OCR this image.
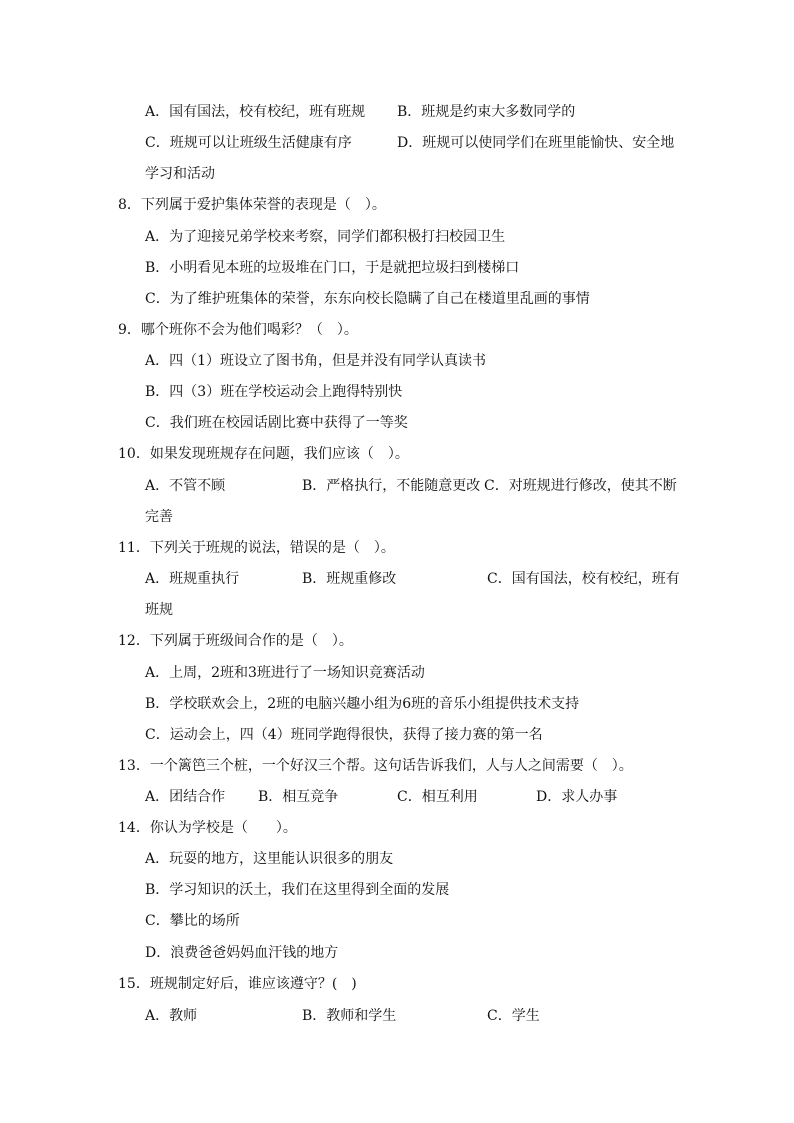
A．国有国法，校有校纪，班有班规 B．班规是约束大多数同学的
C．班规可以让班级生活健康有序	D．班规可以使同学们在班里能愉快、安全地
学习和活动
8．下列属于爱护集体荣誉的表现是（　）。
A．为了迎接兄弟学校来考察，同学们都积极打扫校园卫生
B．小明看见本班的垃圾堆在门口，于是就把垃圾扫到楼梯口
C．为了维护班集体的荣誉，东东向校长隐瞒了自己在楼道里乱画的事情
9．哪个班你不会为他们喝彩？（　）。
A．四（1）班设立了图书角，但是并没有同学认真读书
B．四（3）班在学校运动会上跑得特别快
C．我们班在校园话剧比赛中获得了一等奖
10．如果发现班规存在问题，我们应该（　）。
A．不管不顾	B．严格执行，不能随意更改 C．对班规进行修改，使其不断
完善
11．下列关于班规的说法，错误的是（　）。
A．班规重执行	B．班规重修改	C．国有国法，校有校纪，班有
班规
12．下列属于班级间合作的是（　）。
A．上周，2班和3班进行了一场知识竞赛活动
B．学校联欢会上，2班的电脑兴趣小组为6班的音乐小组提供技术支持
C．运动会上，四（4）班同学跑得很快，获得了接力赛的第一名
13．一个篱笆三个桩，一个好汉三个帮。这句话告诉我们，人与人之间需要（　）。
A．团结合作 B．相互竞争	C．相互利用	D．求人办事
14．你认为学校是（　　）。
A．玩耍的地方，这里能认识很多的朋友
B．学习知识的沃土，我们在这里得到全面的发展
C．攀比的场所
D．浪费爸爸妈妈血汗钱的地方
15．班规制定好后，谁应该遵守？(　)
A．教师	B．教师和学生	C．学生
